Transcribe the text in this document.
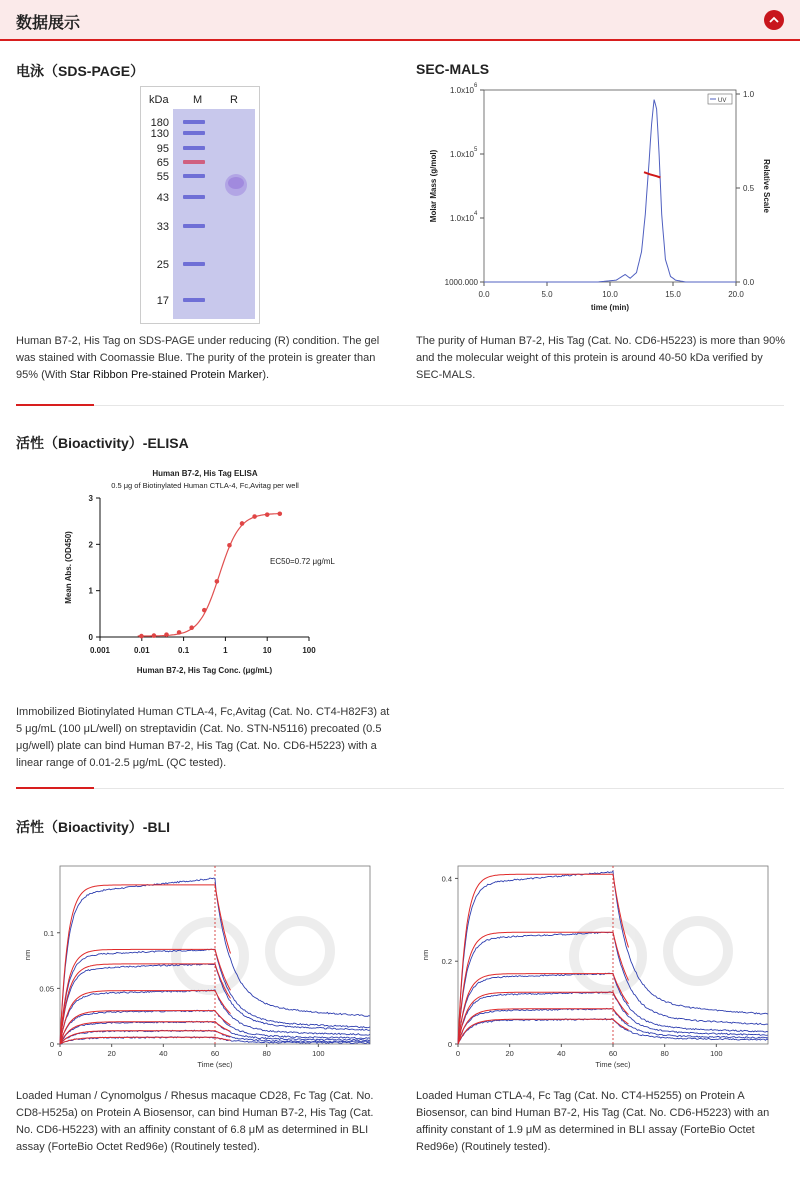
数据展示
电泳（SDS-PAGE）
kDa M	R
180
130
95
65
55
43
33
25
17
Human B7-2, His Tag on SDS-PAGE under reducing (R) condition. The gel was stained with Coomassie Blue. The purity of the protein is greater than 95% (With Star Ribbon Pre-stained Protein Marker).
SEC-MALS
0.0	5.0	10.0	15.0	20.0
time (min)
1000.000
1.0x10 4
1.0x10 5
1.0x10 6
Molar Mass (g/mol)
0.0
0.5
1.0
Relative Scale
UV
The purity of Human B7-2, His Tag (Cat. No. CD6-H5223) is more than 90% and the molecular weight of this protein is around 40-50 kDa verified by SEC-MALS.
活性（Bioactivity）-ELISA
Human B7-2, His Tag ELISA
0.5 μg of Biotinylated Human CTLA-4, Fc,Avitag per well
0
1
2
3
0.001	0.01	0.1	1	10	100
Human B7-2, His Tag Conc. (μg/mL)
Mean Abs. (OD450)	EC50=0.72 μg/mL
Immobilized Biotinylated Human CTLA-4, Fc,Avitag (Cat. No. CT4-H82F3) at 5 μg/mL (100 μL/well) on streptavidin (Cat. No. STN-N5116) precoated (0.5 μg/well) plate can bind Human B7-2, His Tag (Cat. No. CD6-H5223) with a linear range of 0.01-2.5 μg/mL (QC tested).
活性（Bioactivity）-BLI
0	20	40	60	80	100
Time (sec)
0
0.05
0.1
nm
0	20	40	60	80	100
Time (sec)
0
0.2
0.4
nm
Loaded Human / Cynomolgus / Rhesus macaque CD28, Fc Tag (Cat. No. CD8-H525a) on Protein A Biosensor, can bind Human B7-2, His Tag (Cat. No. CD6-H5223) with an affinity constant of 6.8 μM as determined in BLI assay (ForteBio Octet Red96e) (Routinely tested).
Loaded Human CTLA-4, Fc Tag (Cat. No. CT4-H5255) on Protein A Biosensor, can bind Human B7-2, His Tag (Cat. No. CD6-H5223) with an affinity constant of 1.9 μM as determined in BLI assay (ForteBio Octet Red96e) (Routinely tested).
